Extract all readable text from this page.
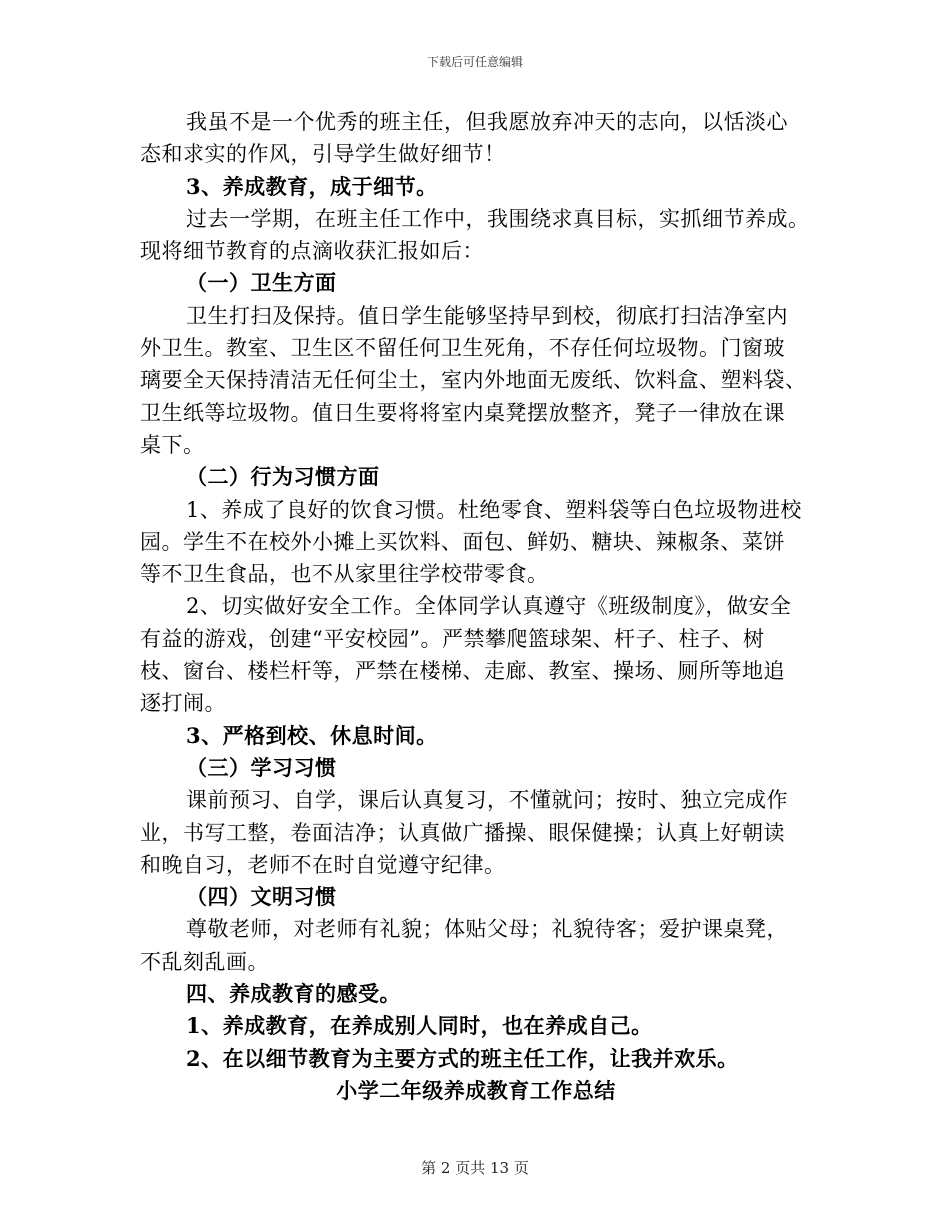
下载后可任意编辑
我虽不是一个优秀的班主任，但我愿放弃冲天的志向，以恬淡心
态和求实的作风，引导学生做好细节！
3、养成教育，成于细节。
过去一学期，在班主任工作中，我围绕求真目标，实抓细节养成。
现将细节教育的点滴收获汇报如后：
（一）卫生方面
卫生打扫及保持。值日学生能够坚持早到校，彻底打扫洁净室内
外卫生。教室、卫生区不留任何卫生死角，不存任何垃圾物。门窗玻
璃要全天保持清洁无任何尘土，室内外地面无废纸、饮料盒、塑料袋、
卫生纸等垃圾物。值日生要将将室内桌凳摆放整齐，凳子一律放在课
桌下。
（二）行为习惯方面
1、养成了良好的饮食习惯。杜绝零食、塑料袋等白色垃圾物进校
园。学生不在校外小摊上买饮料、面包、鲜奶、糖块、辣椒条、菜饼
等不卫生食品，也不从家里往学校带零食。
2、切实做好安全工作。全体同学认真遵守《班级制度》，做安全
有益的游戏，创建“平安校园”。严禁攀爬篮球架、杆子、柱子、树
枝、窗台、楼栏杆等，严禁在楼梯、走廊、教室、操场、厕所等地追
逐打闹。
3、严格到校、休息时间。
（三）学习习惯
课前预习、自学，课后认真复习，不懂就问；按时、独立完成作
业，书写工整，卷面洁净；认真做广播操、眼保健操；认真上好朝读
和晚自习，老师不在时自觉遵守纪律。
（四）文明习惯
尊敬老师，对老师有礼貌；体贴父母；礼貌待客；爱护课桌凳，
不乱刻乱画。
四、养成教育的感受。
1、养成教育，在养成别人同时，也在养成自己。
2、在以细节教育为主要方式的班主任工作，让我并欢乐。
小学二年级养成教育工作总结
第 2 页共 13 页
